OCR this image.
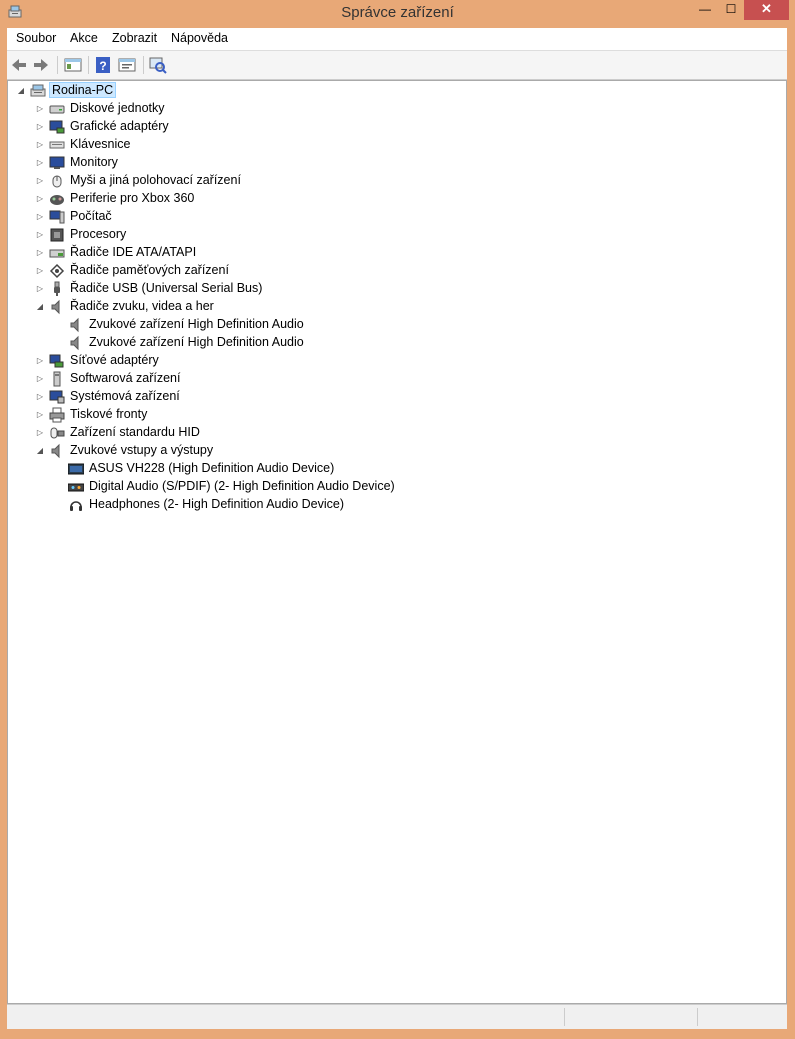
Správce zařízení	—	☐	✕
Soubor Akce Zobrazit Nápověda
?
◢ Rodina-PC
▷ Diskové jednotky
▷ Grafické adaptéry
▷ Klávesnice
▷ Monitory
▷ Myši a jiná polohovací zařízení
▷ Periferie pro Xbox 360
▷ Počítač
▷ Procesory
▷ Řadiče IDE ATA/ATAPI
▷ Řadiče paměťových zařízení
▷ Řadiče USB (Universal Serial Bus)
◢ Řadiče zvuku, videa a her
Zvukové zařízení High Definition Audio
Zvukové zařízení High Definition Audio
▷ Síťové adaptéry
▷ Softwarová zařízení
▷ Systémová zařízení
▷ Tiskové fronty
▷ Zařízení standardu HID
◢ Zvukové vstupy a výstupy
ASUS VH228 (High Definition Audio Device)
Digital Audio (S/PDIF) (2- High Definition Audio Device)
Headphones (2- High Definition Audio Device)
